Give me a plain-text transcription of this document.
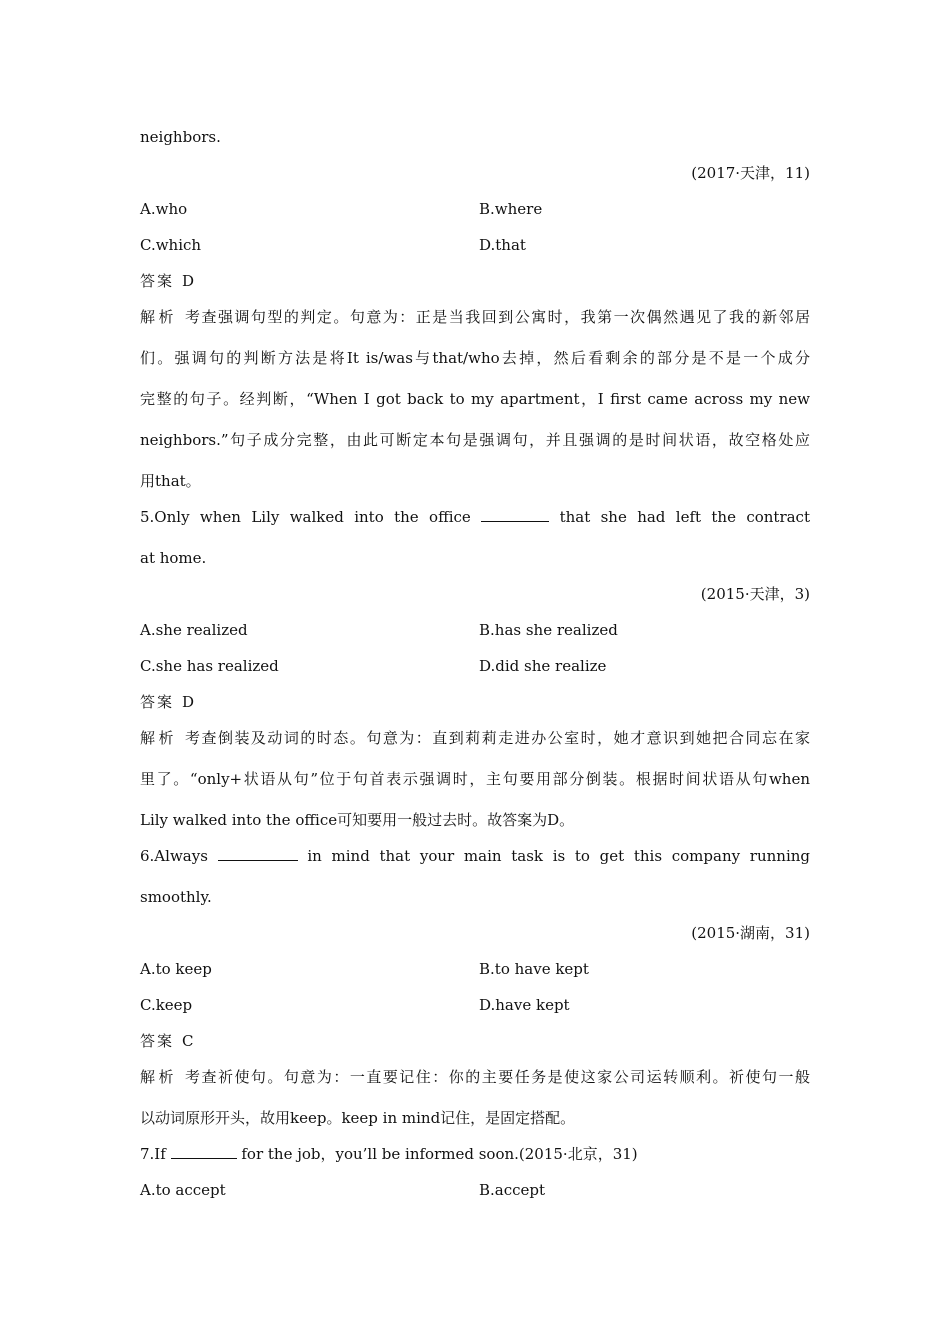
neighbors.
(2017·天津，11)
A.who	B.where
C.which	D.that
答案 D
解析 考查强调句型的判定。句意为：正是当我回到公寓时，我第一次偶然遇见了我的新邻居
们。强调句的判断方法是将It is/was与that/who去掉，然后看剩余的部分是不是一个成分
完整的句子。经判断，“When I got back to my apartment，I first came across my new
neighbors.”句子成分完整，由此可断定本句是强调句，并且强调的是时间状语，故空格处应
用that。
5.Only when Lily walked into the office	that she had left the contract
at home.
(2015·天津，3)
A.she realized	B.has she realized
C.she has realized	D.did she realize
答案 D
解析 考查倒装及动词的时态。句意为：直到莉莉走进办公室时，她才意识到她把合同忘在家
里了。“only+状语从句”位于句首表示强调时，主句要用部分倒装。根据时间状语从句when
Lily walked into the office可知要用一般过去时。故答案为D。
6.Always	in mind that your main task is to get this company running
smoothly.
(2015·湖南，31)
A.to keep	B.to have kept
C.keep	D.have kept
答案 C
解析 考查祈使句。句意为：一直要记住：你的主要任务是使这家公司运转顺利。祈使句一般
以动词原形开头，故用keep。keep in mind记住，是固定搭配。
7.If	for the job，you’ll be informed soon.(2015·北京，31)
A.to accept	B.accept
